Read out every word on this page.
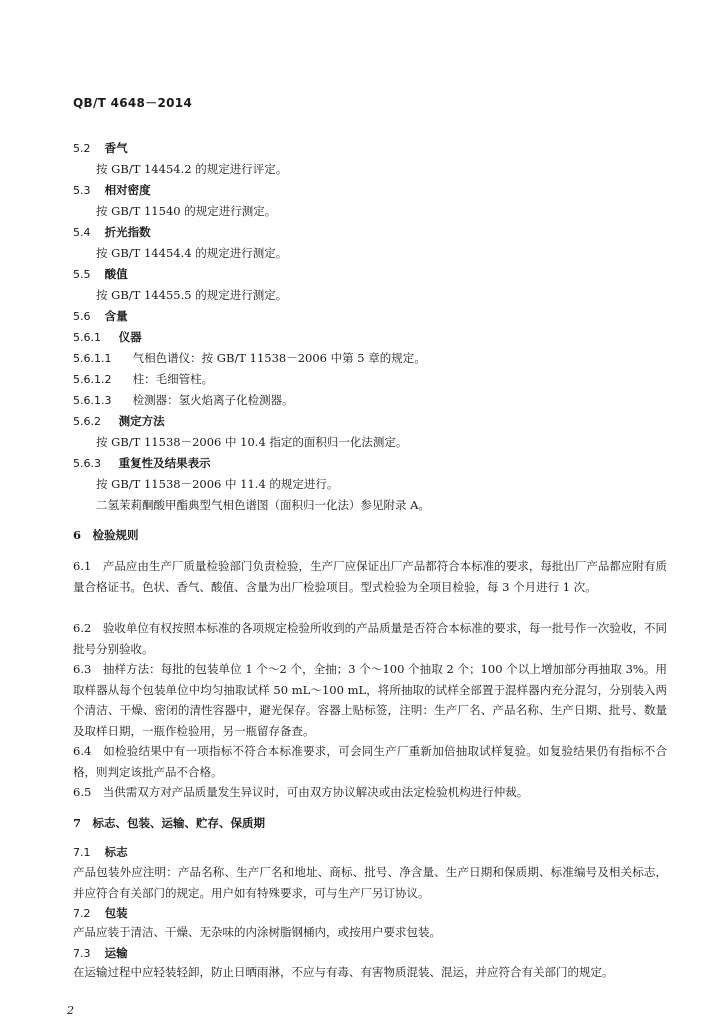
QB/T 4648－2014
5.2 香气
按 GB/T 14454.2 的规定进行评定。
5.3 相对密度
按 GB/T 11540 的规定进行测定。
5.4 折光指数
按 GB/T 14454.4 的规定进行测定。
5.5 酸值
按 GB/T 14455.5 的规定进行测定。
5.6 含量
5.6.1 仪器
5.6.1.1 气相色谱仪：按 GB/T 11538－2006 中第 5 章的规定。
5.6.1.2 柱：毛细管柱。
5.6.1.3 检测器：氢火焰离子化检测器。
5.6.2 测定方法
按 GB/T 11538－2006 中 10.4 指定的面积归一化法测定。
5.6.3 重复性及结果表示
按 GB/T 11538－2006 中 11.4 的规定进行。
二氢茉莉酮酸甲酯典型气相色谱图（面积归一化法）参见附录 A。
6　检验规则
6.1　产品应由生产厂质量检验部门负责检验，生产厂应保证出厂产品都符合本标准的要求，每批出厂产品都应附有质量合格证书。色状、香气、酸值、含量为出厂检验项目。型式检验为全项目检验，每 3 个月进行 1 次。
6.2　验收单位有权按照本标准的各项规定检验所收到的产品质量是否符合本标准的要求，每一批号作一次验收，不同批号分别验收。
6.3　抽样方法：每批的包装单位 1 个～2 个，全抽；3 个～100 个抽取 2 个；100 个以上增加部分再抽取 3%。用取样器从每个包装单位中均匀抽取试样 50 mL～100 mL，将所抽取的试样全部置于混样器内充分混匀，分别装入两个清洁、干燥、密闭的清性容器中，避光保存。容器上贴标签，注明：生产厂名、产品名称、生产日期、批号、数量及取样日期，一瓶作检验用，另一瓶留存备查。
6.4　如检验结果中有一项指标不符合本标准要求，可会同生产厂重新加倍抽取试样复验。如复验结果仍有指标不合格，则判定该批产品不合格。
6.5　当供需双方对产品质量发生异议时，可由双方协议解决或由法定检验机构进行仲裁。
7　标志、包装、运输、贮存、保质期
7.1 标志
产品包装外应注明：产品名称、生产厂名和地址、商标、批号、净含量、生产日期和保质期、标准编号及相关标志，并应符合有关部门的规定。用户如有特殊要求，可与生产厂另订协议。
7.2 包装
产品应装于清洁、干燥、无杂味的内涂树脂钢桶内，或按用户要求包装。
7.3 运输
在运输过程中应轻装轻卸，防止日晒雨淋，不应与有毒、有害物质混装、混运，并应符合有关部门的规定。
2
